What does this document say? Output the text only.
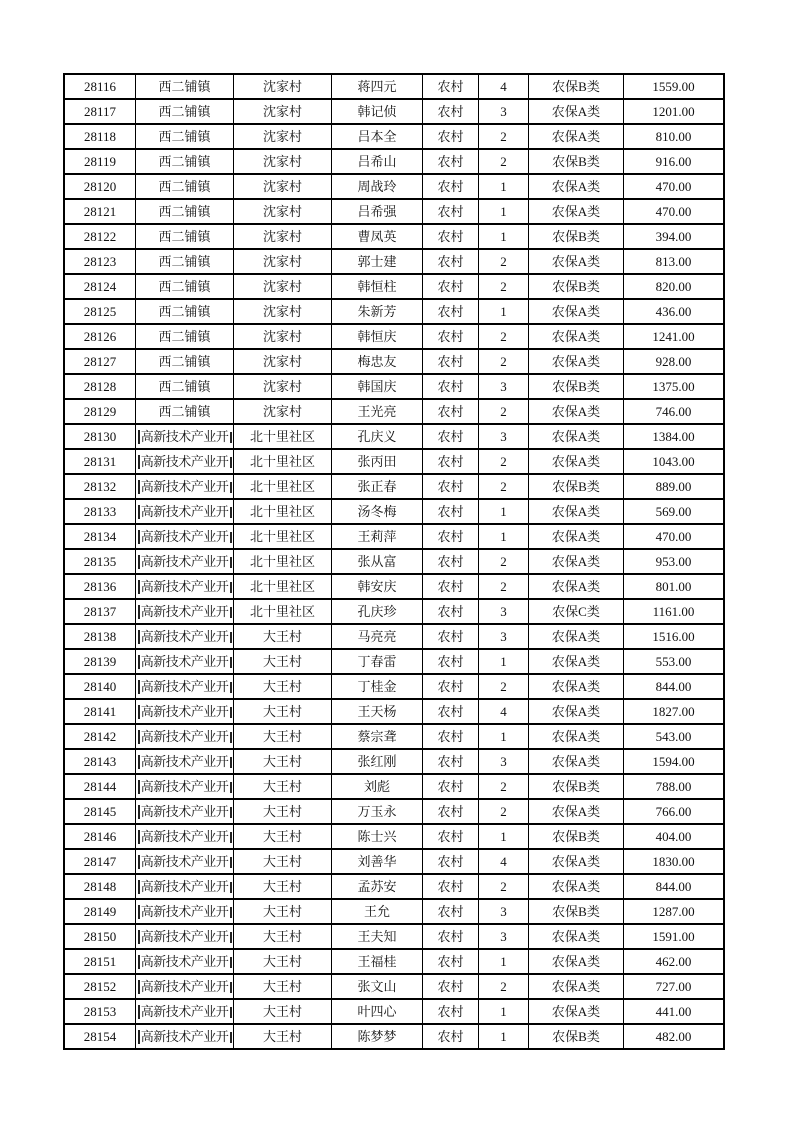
28116	西二铺镇	沈家村	蒋四元	农村	4	农保B类	1559.00
28117	西二铺镇	沈家村	韩记侦	农村	3	农保A类	1201.00
28118	西二铺镇	沈家村	吕本全	农村	2	农保A类	810.00
28119	西二铺镇	沈家村	吕希山	农村	2	农保B类	916.00
28120	西二铺镇	沈家村	周战玲	农村	1	农保A类	470.00
28121	西二铺镇	沈家村	吕希强	农村	1	农保A类	470.00
28122	西二铺镇	沈家村	曹凤英	农村	1	农保B类	394.00
28123	西二铺镇	沈家村	郭士建	农村	2	农保A类	813.00
28124	西二铺镇	沈家村	韩恒柱	农村	2	农保B类	820.00
28125	西二铺镇	沈家村	朱新芳	农村	1	农保A类	436.00
28126	西二铺镇	沈家村	韩恒庆	农村	2	农保A类	1241.00
28127	西二铺镇	沈家村	梅忠友	农村	2	农保A类	928.00
28128	西二铺镇	沈家村	韩国庆	农村	3	农保B类	1375.00
28129	西二铺镇	沈家村	王光亮	农村	2	农保A类	746.00
28130	高新技术产业开	北十里社区	孔庆义	农村	3	农保A类	1384.00
28131	高新技术产业开	北十里社区	张丙田	农村	2	农保A类	1043.00
28132	高新技术产业开	北十里社区	张正春	农村	2	农保B类	889.00
28133	高新技术产业开	北十里社区	汤冬梅	农村	1	农保A类	569.00
28134	高新技术产业开	北十里社区	王莉萍	农村	1	农保A类	470.00
28135	高新技术产业开	北十里社区	张从富	农村	2	农保A类	953.00
28136	高新技术产业开	北十里社区	韩安庆	农村	2	农保A类	801.00
28137	高新技术产业开	北十里社区	孔庆珍	农村	3	农保C类	1161.00
28138	高新技术产业开	大王村	马亮亮	农村	3	农保A类	1516.00
28139	高新技术产业开	大王村	丁春雷	农村	1	农保A类	553.00
28140	高新技术产业开	大王村	丁桂金	农村	2	农保A类	844.00
28141	高新技术产业开	大王村	王天杨	农村	4	农保A类	1827.00
28142	高新技术产业开	大王村	蔡宗聋	农村	1	农保A类	543.00
28143	高新技术产业开	大王村	张红刚	农村	3	农保A类	1594.00
28144	高新技术产业开	大王村	刘彪	农村	2	农保B类	788.00
28145	高新技术产业开	大王村	万玉永	农村	2	农保A类	766.00
28146	高新技术产业开	大王村	陈士兴	农村	1	农保B类	404.00
28147	高新技术产业开	大王村	刘善华	农村	4	农保A类	1830.00
28148	高新技术产业开	大王村	孟苏安	农村	2	农保A类	844.00
28149	高新技术产业开	大王村	王允	农村	3	农保B类	1287.00
28150	高新技术产业开	大王村	王夫知	农村	3	农保A类	1591.00
28151	高新技术产业开	大王村	王福桂	农村	1	农保A类	462.00
28152	高新技术产业开	大王村	张文山	农村	2	农保A类	727.00
28153	高新技术产业开	大王村	叶四心	农村	1	农保A类	441.00
28154	高新技术产业开	大王村	陈梦梦	农村	1	农保B类	482.00
